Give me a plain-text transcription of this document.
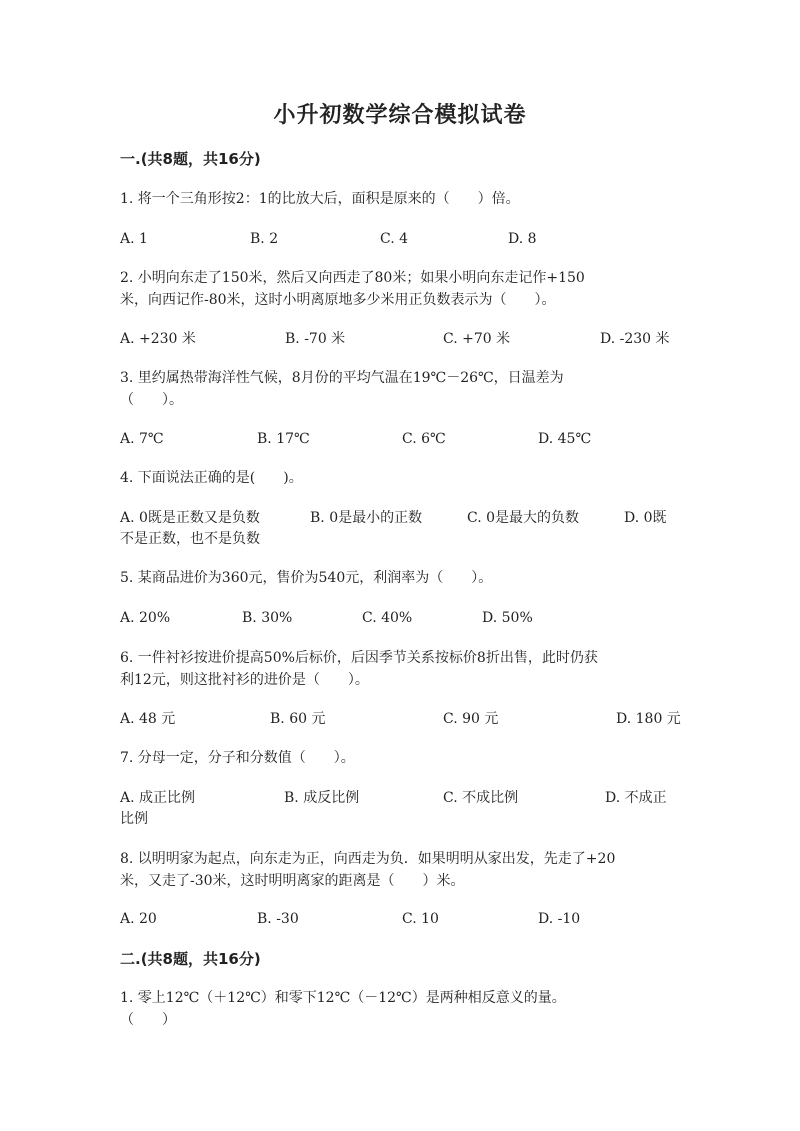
小升初数学综合模拟试卷
一.(共8题，共16分)
1. 将一个三角形按2：1的比放大后，面积是原来的（　　）倍。
A. 1	B. 2	C. 4	D. 8
2. 小明向东走了150米，然后又向西走了80米；如果小明向东走记作+150
米，向西记作-80米，这时小明离原地多少米用正负数表示为（　　）。
A. +230 米	B. -70 米	C. +70 米	D. -230 米
3. 里约属热带海洋性气候，8月份的平均气温在19℃－26℃，日温差为
（　　）。
A. 7℃	B. 17℃	C. 6℃	D. 45℃
4. 下面说法正确的是(　　)。
A. 0既是正数又是负数	B. 0是最小的正数	C. 0是最大的负数	D. 0既
不是正数，也不是负数
5. 某商品进价为360元，售价为540元，利润率为（　　）。
A. 20%	B. 30%	C. 40%	D. 50%
6. 一件衬衫按进价提高50%后标价，后因季节关系按标价8折出售，此时仍获
利12元，则这批衬衫的进价是（　　）。
A. 48 元	B. 60 元	C. 90 元	D. 180 元
7. 分母一定，分子和分数值（　　）。
A. 成正比例	B. 成反比例	C. 不成比例	D. 不成正
比例
8. 以明明家为起点，向东走为正，向西走为负．如果明明从家出发，先走了+20
米，又走了-30米，这时明明离家的距离是（　　）米。
A. 20	B. -30	C. 10	D. -10
二.(共8题，共16分)
1. 零上12℃（＋12℃）和零下12℃（－12℃）是两种相反意义的量。
（　　）
